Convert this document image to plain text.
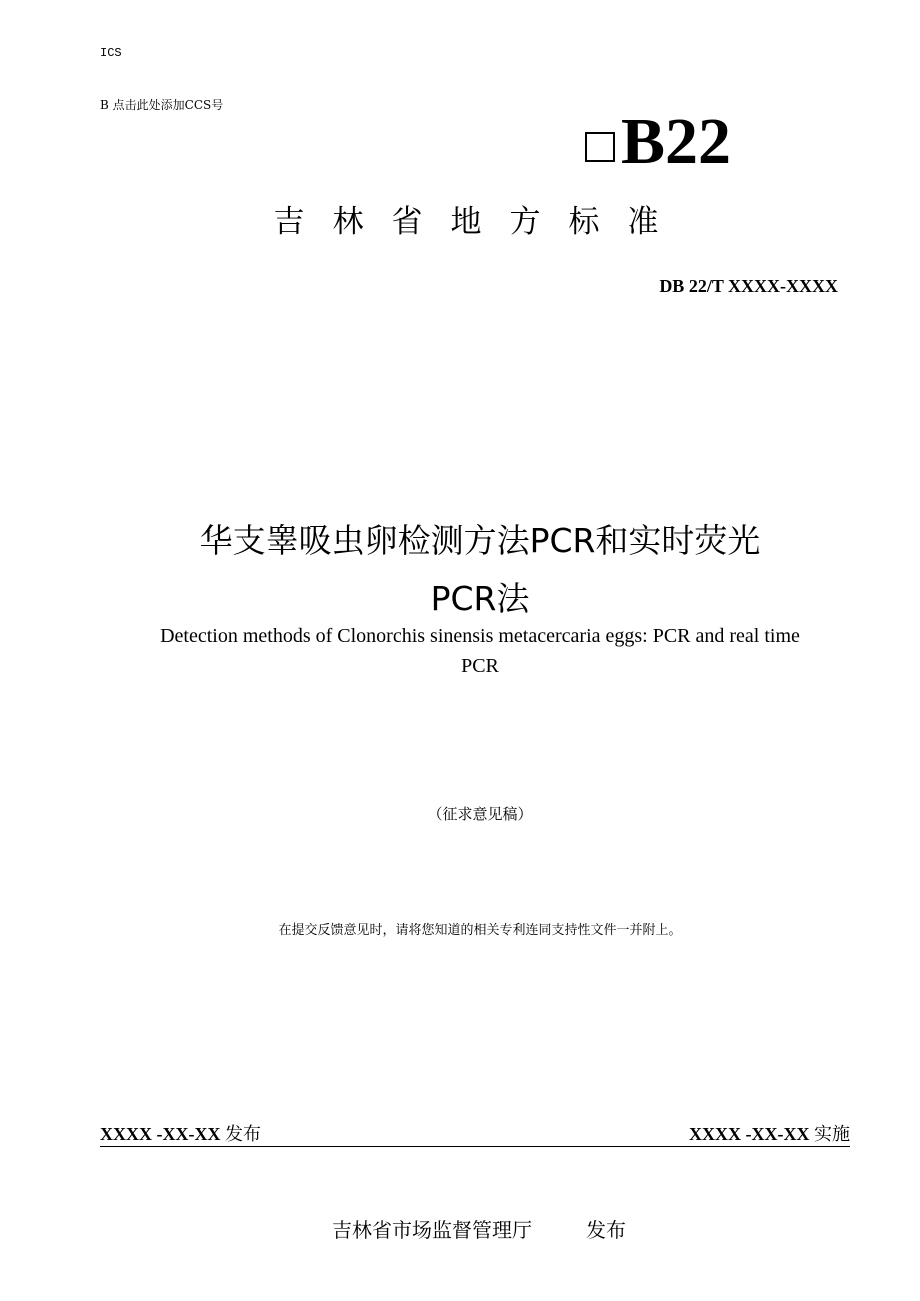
ICS
B 点击此处添加CCS号	B22
吉林省地方标准
DB 22/T XXXX-XXXX
华支睾吸虫卵检测方法PCR和实时荧光
PCR法
Detection methods of Clonorchis sinensis metacercaria eggs: PCR and real time
PCR
（征求意见稿）
在提交反馈意见时，请将您知道的相关专利连同支持性文件一并附上。
XXXX -XX-XX 发布	XXXX -XX-XX 实施
吉林省市场监督管理厅	发布
